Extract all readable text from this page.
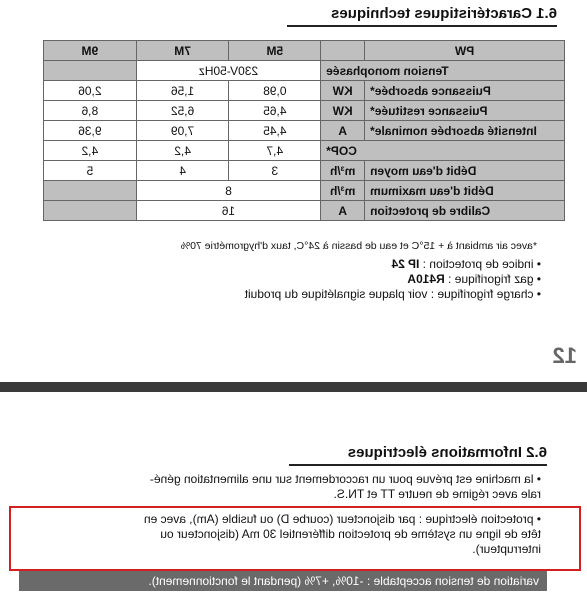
6.1 Caractéristiques techniques
PW		5M	7M	9M
Tension monophasée		230V-50Hz		
Puissance absorbée*	KW	0,98	1,56	2,06
Puissance restituée*	KW	4,65	6,52	8,6
Intensité absorbée nominale*	A	4,45	7,09	9,36
COP*		4,7	4,2	4,2
Débit d'eau moyen	m³/h	3	4	5
Débit d'eau maximum	m³/h	8		
Calibre de protection	A	16		
*avec air ambiant à + 15°C et eau de bassin à 24°C, taux d'hygrométrie 70%
• indice de protection : IP 24
• gaz frigorifique : R410A
• charge frigorifique : voir plaque signalétique du produit
12
6.2 Informations électriques
• la machine est prévue pour un raccordement sur une alimentation géné-
rale avec régime de neutre TT et TN.S.
• protection électrique : par disjoncteur (courbe D) ou fusible (Am), avec en
tête de ligne un système de protection différentiel 30 mA (disjoncteur ou
interrupteur).
variation de tension acceptable : -10%, +7% (pendant le fonctionnement).
